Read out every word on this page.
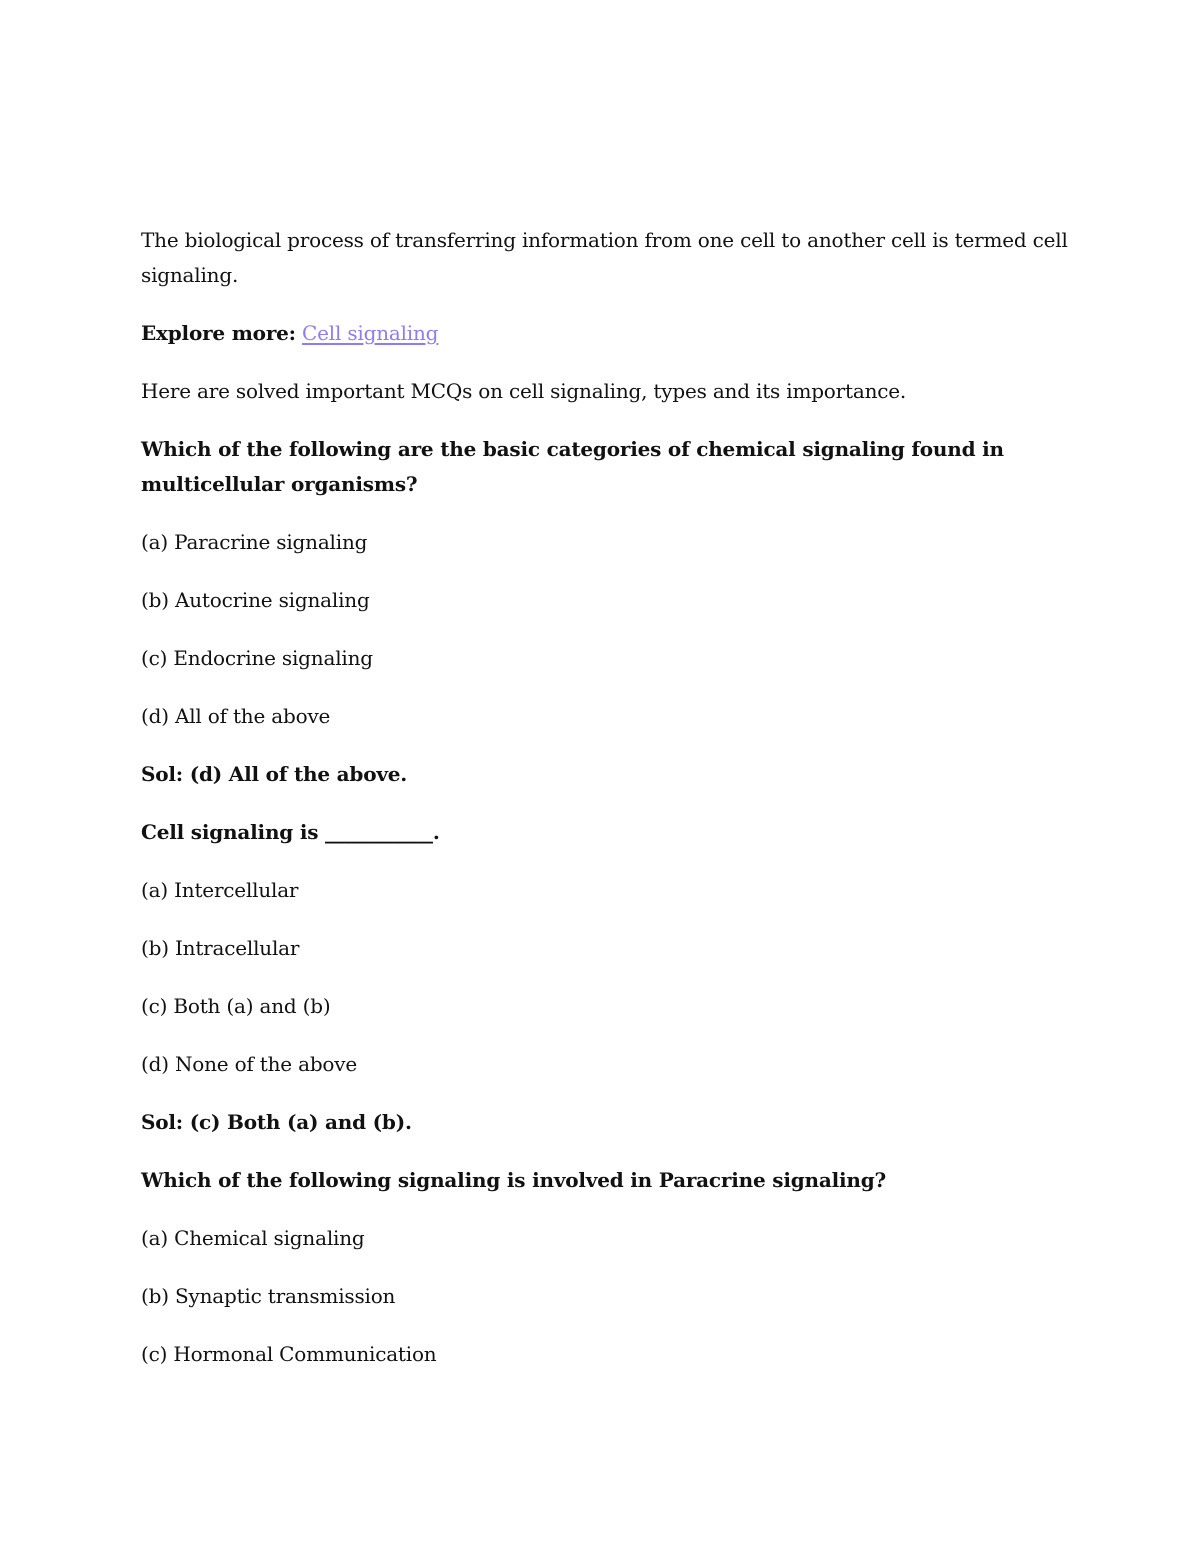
The biological process of transferring information from one cell to another cell is termed cell signaling.

Explore more: Cell signaling

Here are solved important MCQs on cell signaling, types and its importance.

Which of the following are the basic categories of chemical signaling found in multicellular organisms?

(a) Paracrine signaling

(b) Autocrine signaling

(c) Endocrine signaling

(d) All of the above

Sol: (d) All of the above.

Cell signaling is ___________.

(a) Intercellular

(b) Intracellular

(c) Both (a) and (b)

(d) None of the above

Sol: (c) Both (a) and (b).

Which of the following signaling is involved in Paracrine signaling?

(a) Chemical signaling

(b) Synaptic transmission

(c) Hormonal Communication
